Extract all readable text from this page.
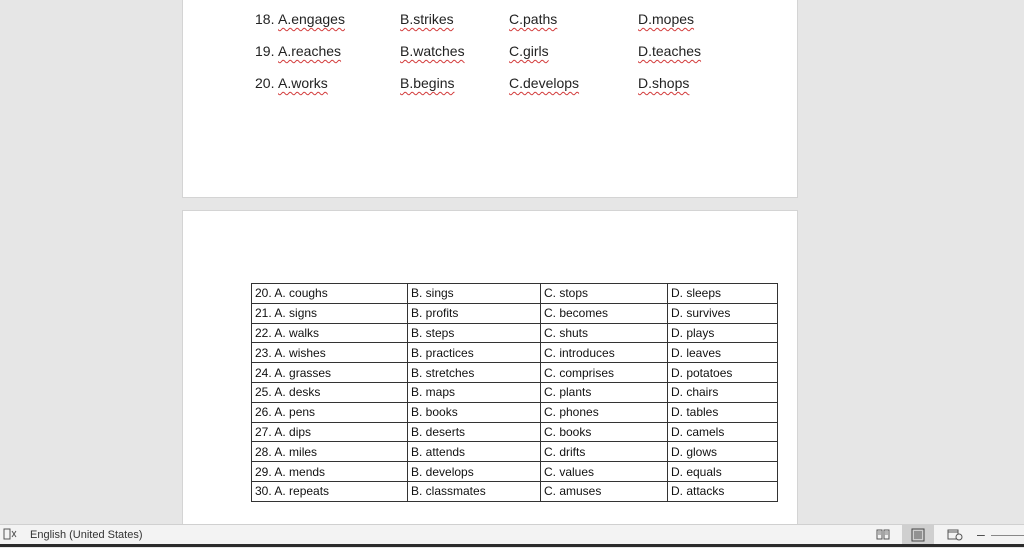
18. A.engages	B.strikes	C.paths	D.mopes
19. A.reaches	B.watches	C.girls	D.teaches
20. A.works	B.begins	C.develops	D.shops
20. A. coughs	B. sings	C. stops	D. sleeps
21. A. signs	B. profits	C. becomes	D. survives
22. A. walks	B. steps	C. shuts	D. plays
23. A. wishes	B. practices	C. introduces	D. leaves
24. A. grasses	B. stretches	C. comprises	D. potatoes
25. A. desks	B. maps	C. plants	D. chairs
26. A. pens	B. books	C. phones	D. tables
27. A. dips	B. deserts	C. books	D. camels
28. A. miles	B. attends	C. drifts	D. glows
29. A. mends	B. develops	C. values	D. equals
30. A. repeats	B. classmates	C. amuses	D. attacks
English (United States)	–
